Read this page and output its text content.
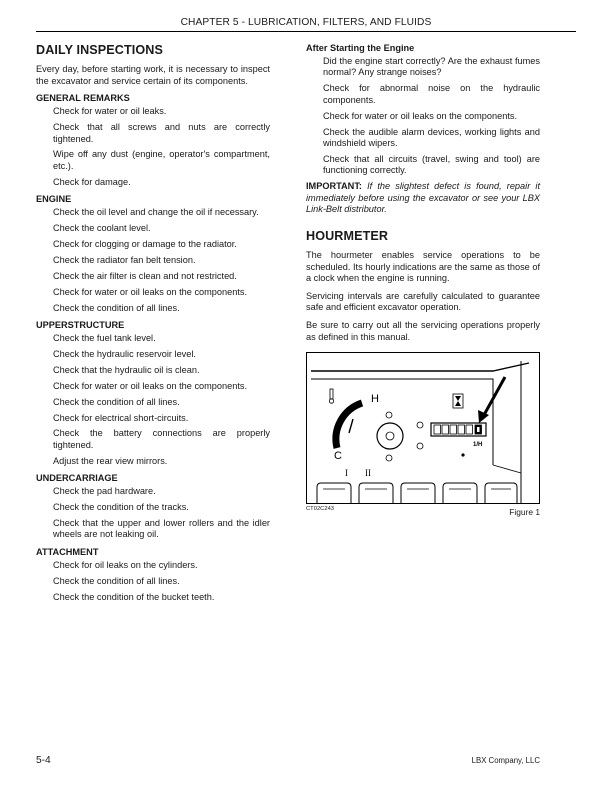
CHAPTER 5 - LUBRICATION, FILTERS, AND FLUIDS
DAILY INSPECTIONS

Every day, before starting work, it is necessary to inspect the excavator and service certain of its components.

GENERAL REMARKS
Check for water or oil leaks.
Check that all screws and nuts are correctly tightened.
Wipe off any dust (engine, operator's compartment, etc.).
Check for damage.
ENGINE
Check the oil level and change the oil if necessary.
Check the coolant level.
Check for clogging or damage to the radiator.
Check the radiator fan belt tension.
Check the air filter is clean and not restricted.
Check for water or oil leaks on the components.
Check the condition of all lines.
UPPERSTRUCTURE
Check the fuel tank level.
Check the hydraulic reservoir level.
Check that the hydraulic oil is clean.
Check for water or oil leaks on the components.
Check the condition of all lines.
Check for electrical short-circuits.
Check the battery connections are properly tightened.
Adjust the rear view mirrors.
UNDERCARRIAGE
Check the pad hardware.
Check the condition of the tracks.
Check that the upper and lower rollers and the idler wheels are not leaking oil.
ATTACHMENT
Check for oil leaks on the cylinders.
Check the condition of all lines.
Check the condition of the bucket teeth.
After Starting the Engine
Did the engine start correctly? Are the exhaust fumes normal? Any strange noises?
Check for abnormal noise on the hydraulic components.
Check for water or oil leaks on the components.
Check the audible alarm devices, working lights and windshield wipers.
Check that all circuits (travel, swing and tool) are functioning correctly.

IMPORTANT: If the slightest defect is found, repair it immediately before using the excavator or see your LBX Link-Belt distributor.

HOURMETER

The hourmeter enables service operations to be scheduled. Its hourly indications are the same as those of a clock when the engine is running.

Servicing intervals are carefully calculated to guarantee safe and efficient excavator operation.

Be sure to carry out all the servicing operations properly as defined in this manual.

H
C
1/H
I II
CT02C243	Figure 1
5-4	LBX Company, LLC
